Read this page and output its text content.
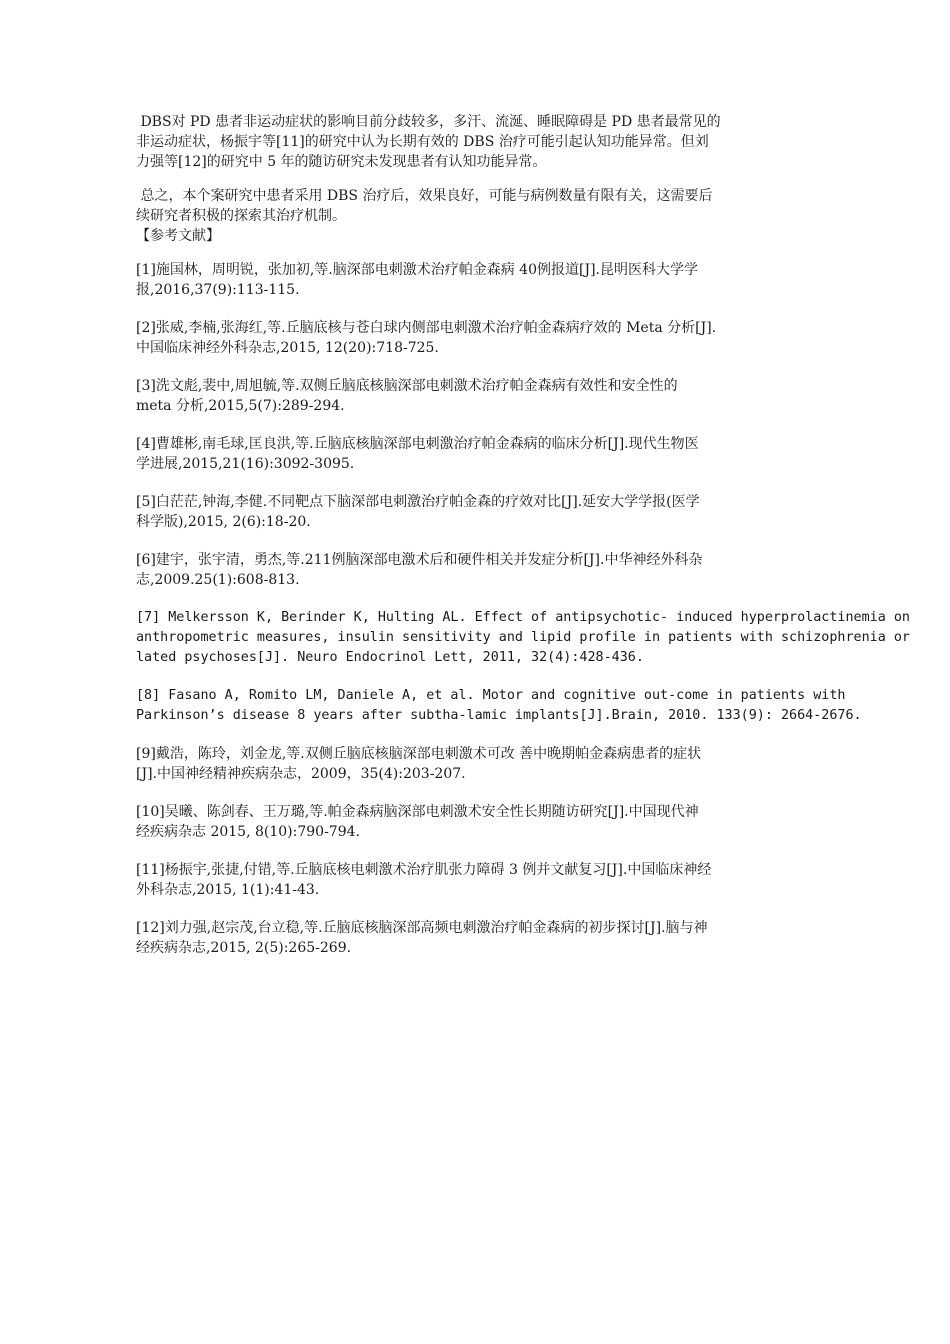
DBS对 PD 患者非运动症状的影响目前分歧较多，多汗、流涎、睡眠障碍是 PD 患者最常见的
非运动症状，杨振宇等[11]的研究中认为长期有效的 DBS 治疗可能引起认知功能异常。但刘
力强等[12]的研究中 5 年的随访研究未发现患者有认知功能异常。
总之，本个案研究中患者采用 DBS 治疗后，效果良好，可能与病例数量有限有关，这需要后
续研究者积极的探索其治疗机制。
【参考文献】
[1]施国林，周明锐，张加初,等.脑深部电刺激术治疗帕金森病 40例报道[J].昆明医科大学学
报,2016,37(9):113-115.
[2]张威,李楠,张海红,等.丘脑底核与苍白球内侧部电刺激术治疗帕金森病疗效的 Meta 分析[J].
中国临床神经外科杂志,2015, 12(20):718-725.
[3]洗文彪,裴中,周旭毓,等.双侧丘脑底核脑深部电刺激术治疗帕金森病有效性和安全性的
meta 分析,2015,5(7):289-294.
[4]曹雄彬,南毛球,匡良洪,等.丘脑底核脑深部电刺激治疗帕金森病的临床分析[J].现代生物医
学进展,2015,21(16):3092-3095.
[5]白茫茫,钟海,李健.不同靶点下脑深部电刺激治疗帕金森的疗效对比[J].延安大学学报(医学
科学版),2015, 2(6):18-20.
[6]建宇，张宇清，勇杰,等.211例脑深部电激术后和硬件相关并发症分析[J].中华神经外科杂
志,2009.25(1):608-813.
[7] Melkersson K, Berinder K, Hulting AL. Effect of antipsychotic- induced hyperprolactinemia on
anthropometric measures, insulin sensitivity and lipid profile in patients with schizophrenia or
lated psychoses[J]. Neuro Endocrinol Lett, 2011, 32(4):428-436.
[8] Fasano A, Romito LM, Daniele A, et al. Motor and cognitive out-come in patients with
Parkinson’s disease 8 years after subtha-lamic implants[J].Brain, 2010. 133(9): 2664-2676.
[9]戴浩，陈玲，刘金龙,等.双侧丘脑底核脑深部电刺激术可改 善中晚期帕金森病患者的症状
[J].中国神经精神疾病杂志，2009，35(4):203-207.
[10]吴曦、陈剑春、王万璐,等.帕金森病脑深部电刺激术安全性长期随访研究[J].中国现代神
经疾病杂志 2015, 8(10):790-794.
[11]杨振宇,张捷,付错,等.丘脑底核电刺激术治疗肌张力障碍 3 例并文献复习[J].中国临床神经
外科杂志,2015, 1(1):41-43.
[12]刘力强,赵宗茂,台立稳,等.丘脑底核脑深部高频电刺激治疗帕金森病的初步探讨[J].脑与神
经疾病杂志,2015, 2(5):265-269.
